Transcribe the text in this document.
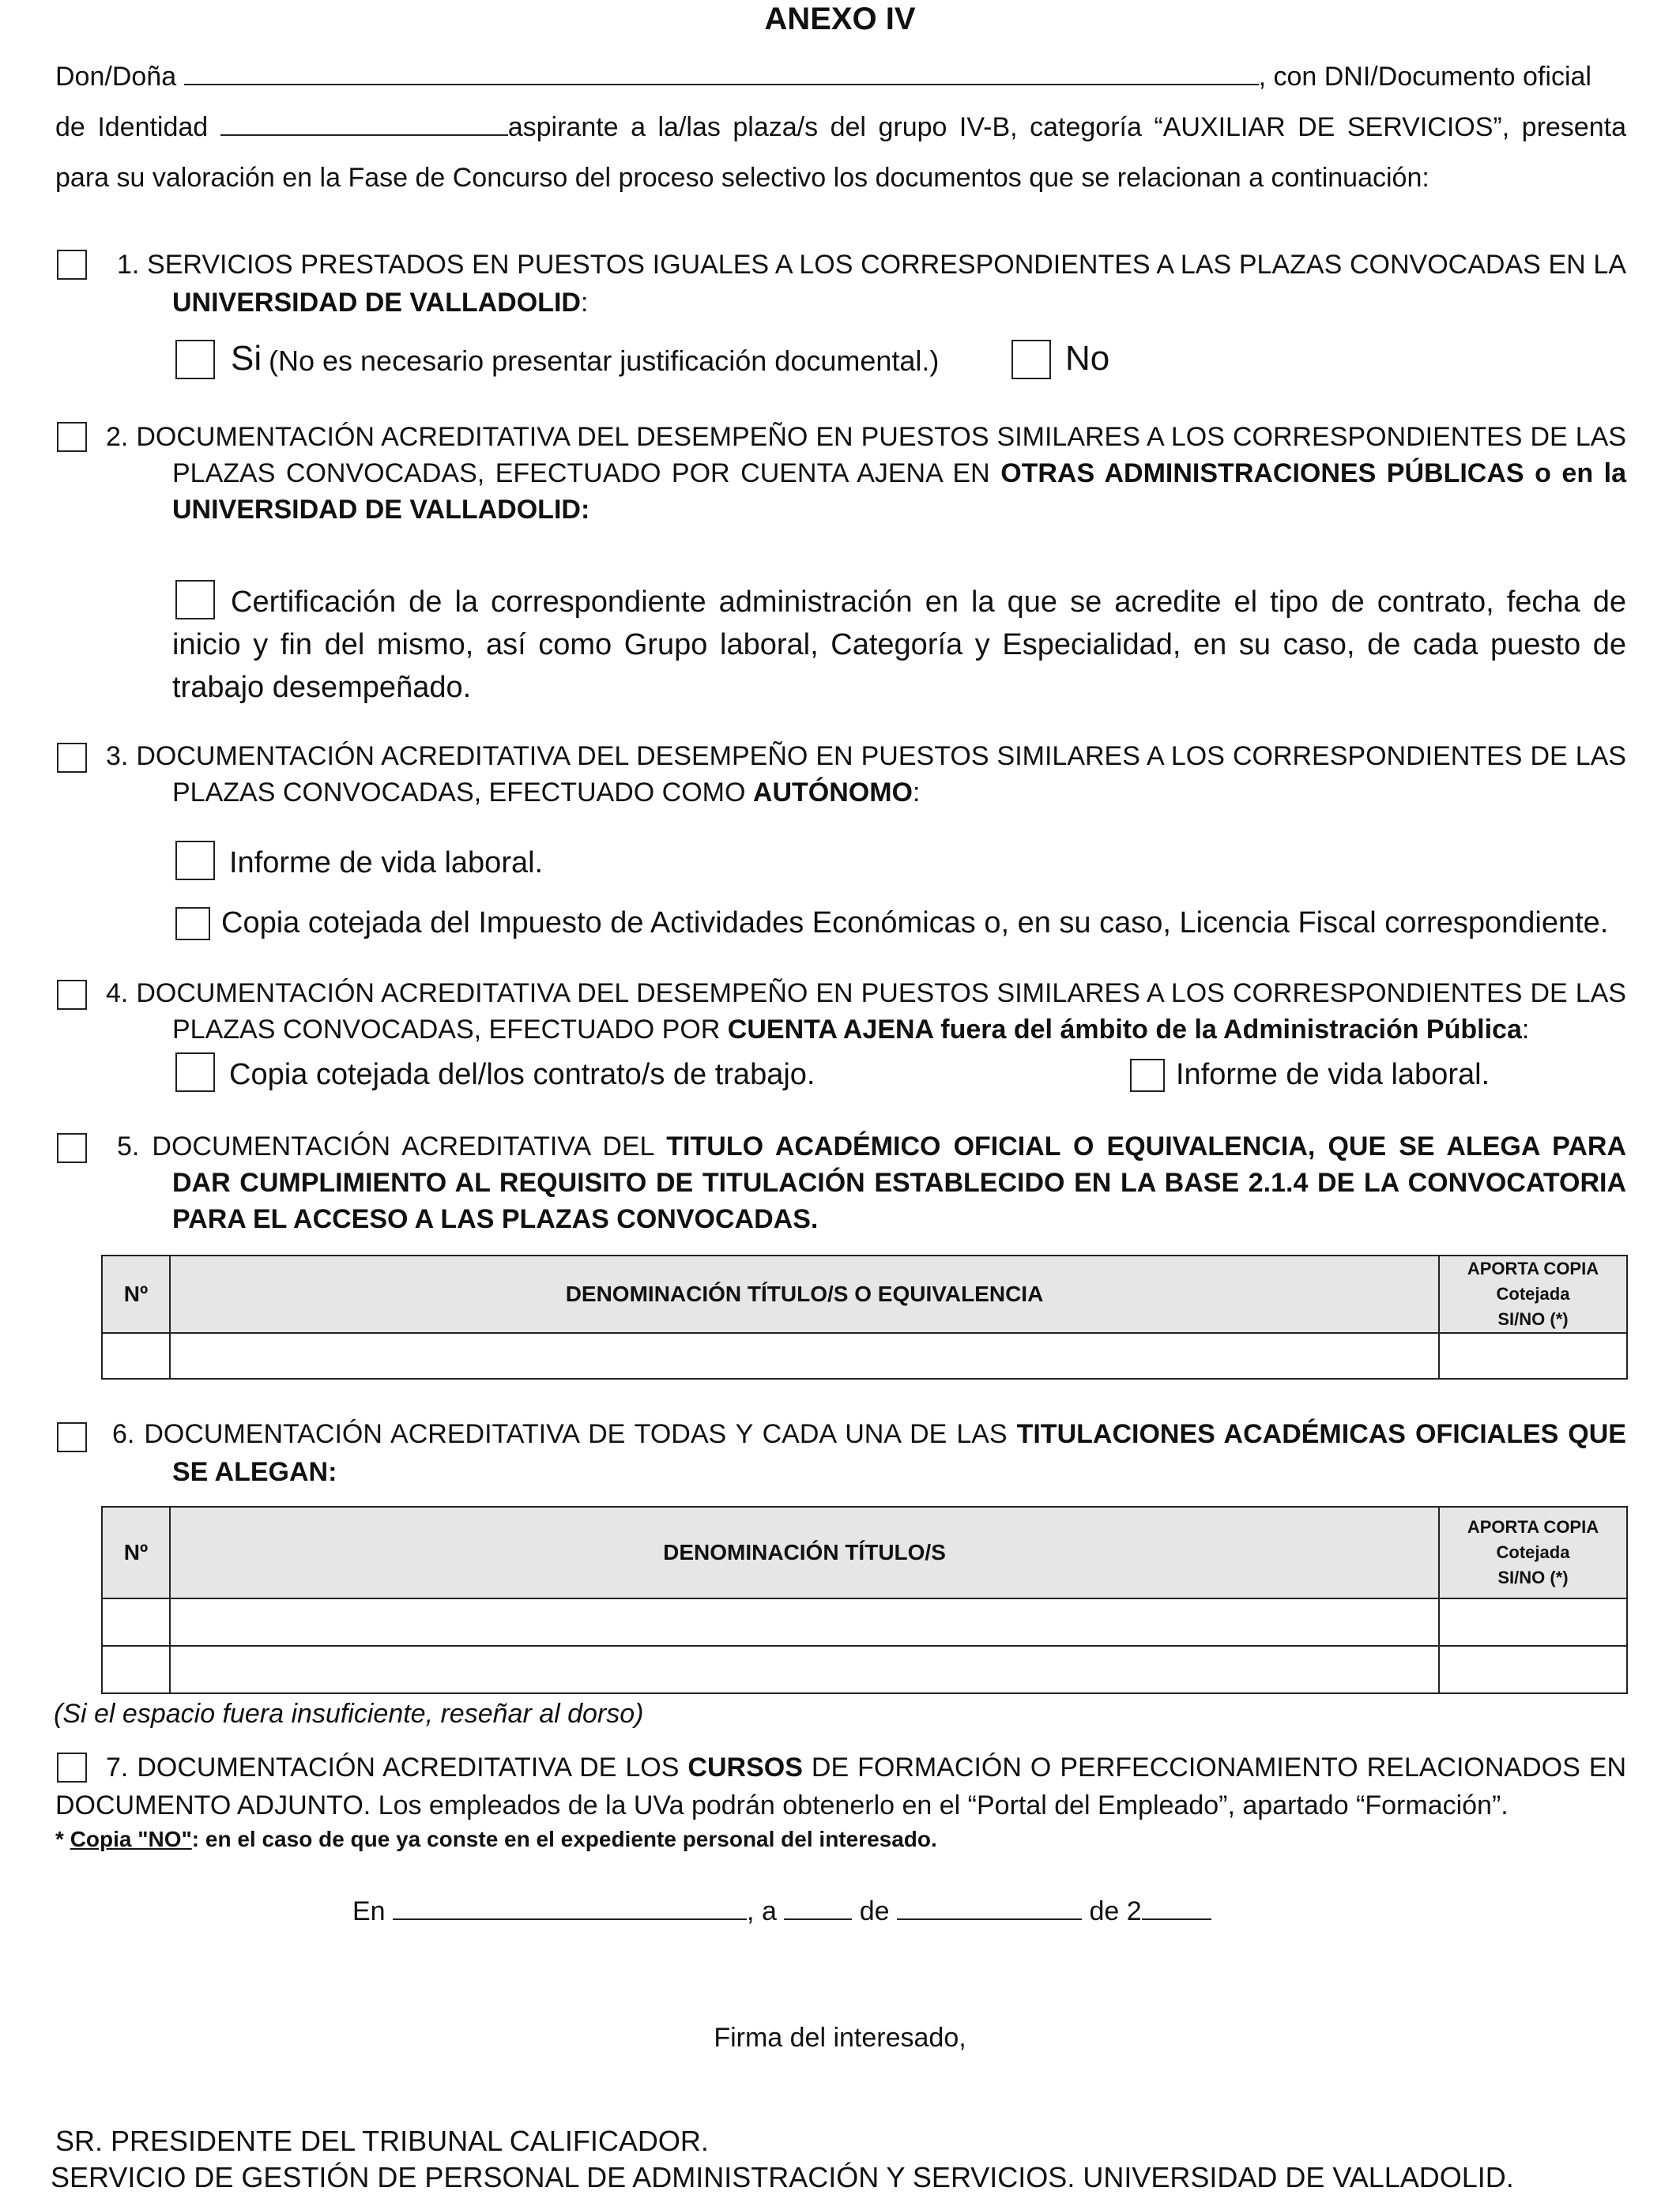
ANEXO IV
Don/Doña	, con DNI/Documento oficial
de Identidad	aspirante a la/las plaza/s del grupo IV-B, categoría “AUXILIAR DE SERVICIOS”, presenta
para su valoración en la Fase de Concurso del proceso selectivo los documentos que se relacionan a continuación:
1. SERVICIOS PRESTADOS EN PUESTOS IGUALES A LOS CORRESPONDIENTES A LAS PLAZAS CONVOCADAS EN LA
UNIVERSIDAD DE VALLADOLID:
Si (No es necesario presentar justificación documental.)	No
2. DOCUMENTACIÓN ACREDITATIVA DEL DESEMPEÑO EN PUESTOS SIMILARES A LOS CORRESPONDIENTES DE LAS
PLAZAS CONVOCADAS, EFECTUADO POR CUENTA AJENA EN OTRAS ADMINISTRACIONES PÚBLICAS o en la
UNIVERSIDAD DE VALLADOLID:
Certificación de la correspondiente administración en la que se acredite el tipo de contrato, fecha de
inicio y fin del mismo, así como Grupo laboral, Categoría y Especialidad, en su caso, de cada puesto de
trabajo desempeñado.
3. DOCUMENTACIÓN ACREDITATIVA DEL DESEMPEÑO EN PUESTOS SIMILARES A LOS CORRESPONDIENTES DE LAS
PLAZAS CONVOCADAS, EFECTUADO COMO AUTÓNOMO:
Informe de vida laboral.
Copia cotejada del Impuesto de Actividades Económicas o, en su caso, Licencia Fiscal correspondiente.
4. DOCUMENTACIÓN ACREDITATIVA DEL DESEMPEÑO EN PUESTOS SIMILARES A LOS CORRESPONDIENTES DE LAS
PLAZAS CONVOCADAS, EFECTUADO POR CUENTA AJENA fuera del ámbito de la Administración Pública:
Copia cotejada del/los contrato/s de trabajo.	Informe de vida laboral.
5. DOCUMENTACIÓN ACREDITATIVA DEL TITULO ACADÉMICO OFICIAL O EQUIVALENCIA, QUE SE ALEGA PARA
DAR CUMPLIMIENTO AL REQUISITO DE TITULACIÓN ESTABLECIDO EN LA BASE 2.1.4 DE LA CONVOCATORIA
PARA EL ACCESO A LAS PLAZAS CONVOCADAS.
Nº	DENOMINACIÓN TÍTULO/S O EQUIVALENCIA	APORTA COPIA
Cotejada
SI/NO (*)

6. DOCUMENTACIÓN ACREDITATIVA DE TODAS Y CADA UNA DE LAS TITULACIONES ACADÉMICAS OFICIALES QUE
SE ALEGAN:
Nº	DENOMINACIÓN TÍTULO/S	APORTA COPIA
Cotejada
SI/NO (*)

(Si el espacio fuera insuficiente, reseñar al dorso)
7. DOCUMENTACIÓN ACREDITATIVA DE LOS CURSOS DE FORMACIÓN O PERFECCIONAMIENTO RELACIONADOS EN
DOCUMENTO ADJUNTO. Los empleados de la UVa podrán obtenerlo en el “Portal del Empleado”, apartado “Formación”.
* Copia "NO": en el caso de que ya conste en el expediente personal del interesado.
En	, a	de	de 2
Firma del interesado,
SR. PRESIDENTE DEL TRIBUNAL CALIFICADOR.
SERVICIO DE GESTIÓN DE PERSONAL DE ADMINISTRACIÓN Y SERVICIOS. UNIVERSIDAD DE VALLADOLID.
